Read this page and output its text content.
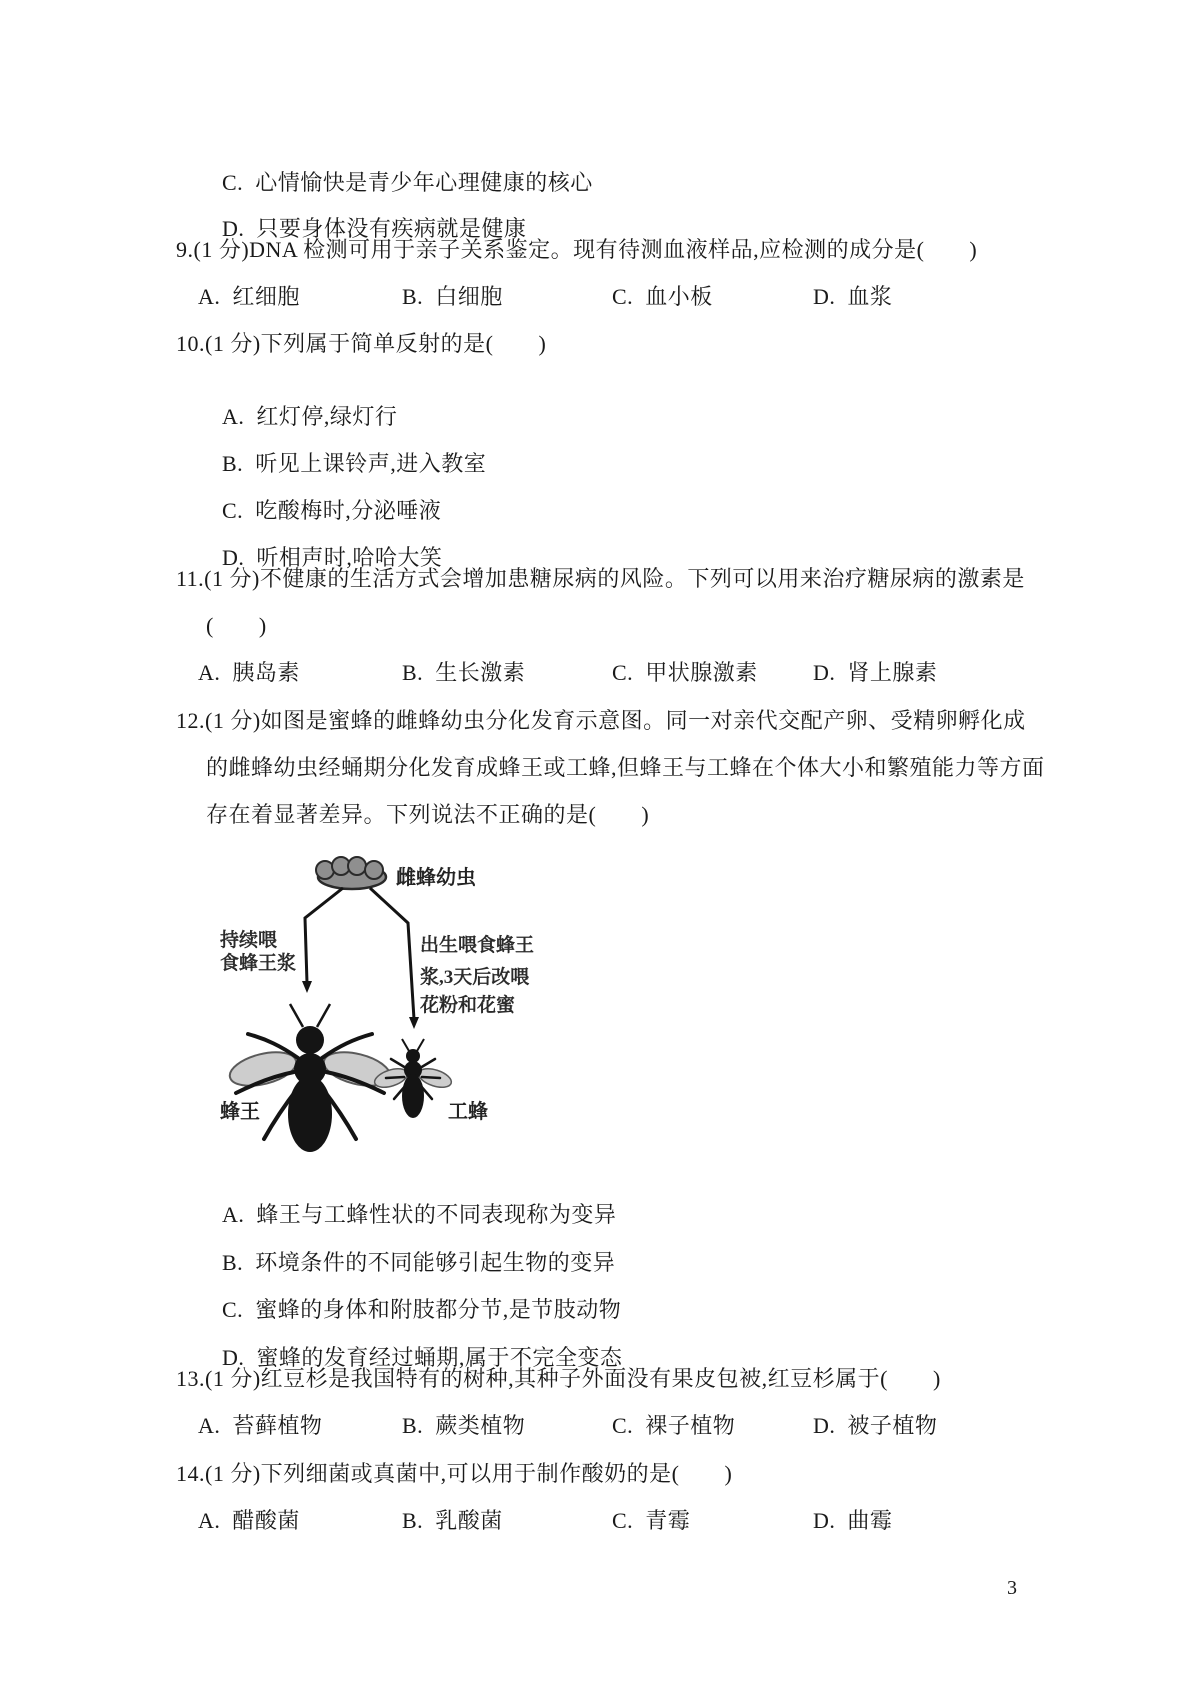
C. 心情愉快是青少年心理健康的核心

D. 只要身体没有疾病就是健康

9.(1 分)DNA 检测可用于亲子关系鉴定。现有待测血液样品,应检测的成分是(　　)
A. 红细胞	B. 白细胞	C. 血小板	D. 血浆
10.(1 分)下列属于简单反射的是(　　)

A. 红灯停,绿灯行

B. 听见上课铃声,进入教室

C. 吃酸梅时,分泌唾液

D. 听相声时,哈哈大笑

11.(1 分)不健康的生活方式会增加患糖尿病的风险。下列可以用来治疗糖尿病的激素是
(　　)
A. 胰岛素	B. 生长激素	C. 甲状腺激素	D. 肾上腺素
12.(1 分)如图是蜜蜂的雌蜂幼虫分化发育示意图。同一对亲代交配产卵、受精卵孵化成
的雌蜂幼虫经蛹期分化发育成蜂王或工蜂,但蜂王与工蜂在个体大小和繁殖能力等方面
存在着显著差异。下列说法不正确的是(　　)
雌蜂幼虫
持续喂
食蜂王浆
出生喂食蜂王
浆,3天后改喂
花粉和花蜜
蜂王	工蜂

A. 蜂王与工蜂性状的不同表现称为变异

B. 环境条件的不同能够引起生物的变异

C. 蜜蜂的身体和附肢都分节,是节肢动物

D. 蜜蜂的发育经过蛹期,属于不完全变态

13.(1 分)红豆杉是我国特有的树种,其种子外面没有果皮包被,红豆杉属于(　　)
A. 苔藓植物	B. 蕨类植物	C. 裸子植物	D. 被子植物
14.(1 分)下列细菌或真菌中,可以用于制作酸奶的是(　　)
A. 醋酸菌	B. 乳酸菌	C. 青霉	D. 曲霉
3
